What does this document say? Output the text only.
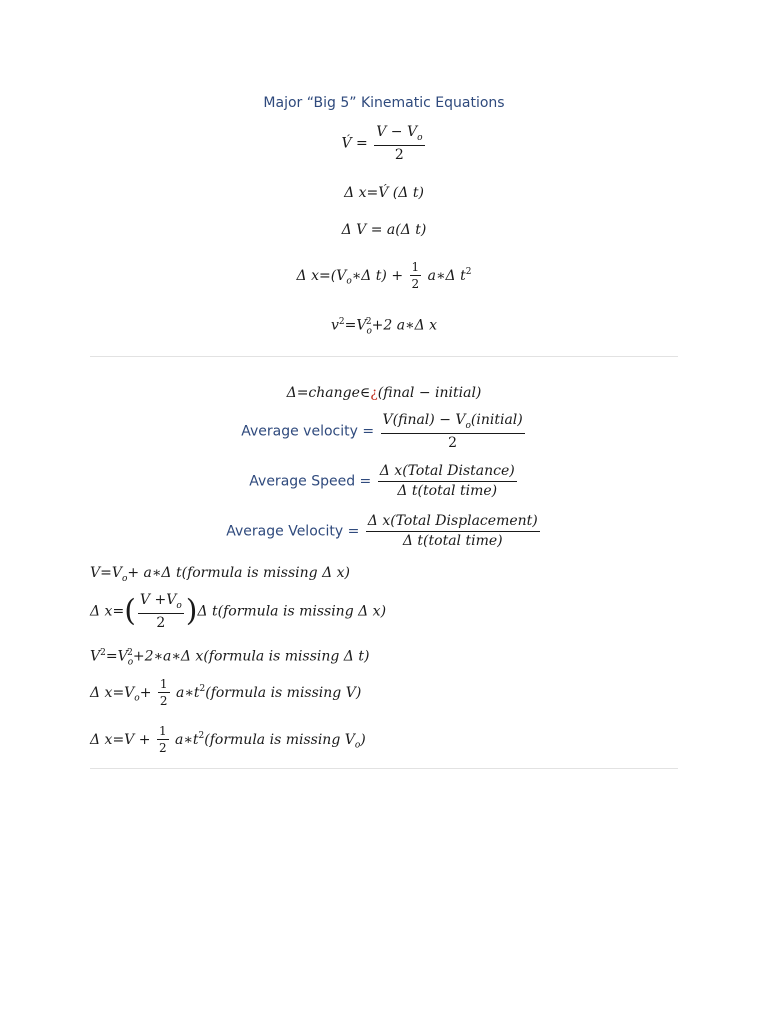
Major “Big 5” Kinematic Equations
V́ = $\frac{V - V_o}{2}$
Δ x=V́ (Δ t)
Δ V = a(Δ t)
Δ $x=(V_o∗\Delta$ $t) + \frac{1}{2}$ a∗Δ $t^2$
$v^2=V_o^2+2$ a∗Δ x
Δ=change∈¿(final − initial)
Average velocity = $\frac{V(final) - V_o(initial)}{2}$
Average Speed = $\frac{\text{Δ x(Total Distance)}}{\text{Δ t(total time)}}$
Average Velocity = $\frac{\text{Δ x(Total Displacement)}}{\text{Δ t(total time)}}$
$V=V_o+$ a∗Δ t(formula is missing Δ x)
Δ $x=( \frac{V +V_o}{2} )\Delta$ t(formula is missing Δ x)
$V^2=V_o^2+2∗a∗\Delta$ x(formula is missing Δ t)
Δ $x=V_o+ \frac{1}{2}$ $a∗t^2(formula$ is missing V)
Δ $x=V + \frac{1}{2}$ $a∗t^2(formula$ is missing $V_o$)
